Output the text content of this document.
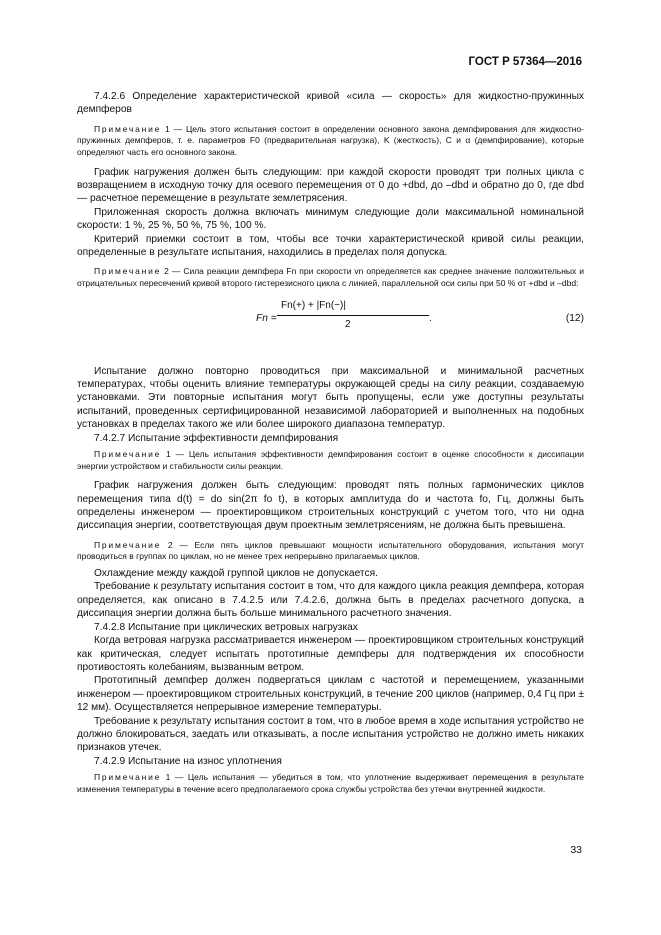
ГОСТ Р 57364—2016

7.4.2.6 Определение характеристической кривой «сила — скорость» для жидкостно-пружинных демпферов

Примечание 1 — Цель этого испытания состоит в определении основного закона демпфирования для жидкостно-пружинных демпферов, т. е. параметров F0 (предварительная нагрузка), K (жесткость), C и α (демпфирование), которые определяют часть его основного закона.

График нагружения должен быть следующим: при каждой скорости проводят три полных цикла с возвращением в исходную точку для осевого перемещения от 0 до +dbd, до –dbd и обратно до 0, где dbd — расчетное перемещение в результате землетрясения.

Приложенная скорость должна включать минимум следующие доли максимальной номинальной скорости: 1 %, 25 %, 50 %, 75 %, 100 %.

Критерий приемки состоит в том, чтобы все точки характеристической кривой силы реакции, определенные в результате испытания, находились в пределах поля допуска.

Примечание 2 — Сила реакции демпфера Fn при скорости vn определяется как среднее значение положительных и отрицательных пересечений кривой второго гистерезисного цикла с линией, параллельной оси силы при 50 % от +dbd и –dbd:

Fn =
Fn(+) + |Fn(−)|
2
.	(12)

Испытание должно повторно проводиться при максимальной и минимальной расчетных температурах, чтобы оценить влияние температуры окружающей среды на силу реакции, создаваемую установками. Эти повторные испытания могут быть пропущены, если уже доступны результаты испытаний, проведенных сертифицированной независимой лабораторией и выполненных на подобных установках в пределах такого же или более широкого диапазона температур.

7.4.2.7 Испытание эффективности демпфирования

Примечание 1 — Цель испытания эффективности демпфирования состоит в оценке способности к диссипации энергии устройством и стабильности силы реакции.

График нагружения должен быть следующим: проводят пять полных гармонических циклов перемещения типа d(t) = do sin(2π fo t), в которых амплитуда do и частота fo, Гц, должны быть определены инженером — проектировщиком строительных конструкций с учетом того, что ни одна диссипация энергии, соответствующая двум проектным землетрясениям, не должна быть превышена.

Примечание 2 — Если пять циклов превышают мощности испытательного оборудования, испытания могут проводиться в группах по циклам, но не менее трех непрерывно прилагаемых циклов.

Охлаждение между каждой группой циклов не допускается.

Требование к результату испытания состоит в том, что для каждого цикла реакция демпфера, которая определяется, как описано в 7.4.2.5 или 7.4.2.6, должна быть в пределах расчетного допуска, а диссипация энергии должна быть больше минимального расчетного значения.

7.4.2.8 Испытание при циклических ветровых нагрузках

Когда ветровая нагрузка рассматривается инженером — проектировщиком строительных конструкций как критическая, следует испытать прототипные демпферы для подтверждения их способности противостоять колебаниям, вызванным ветром.

Прототипный демпфер должен подвергаться циклам с частотой и перемещением, указанными инженером — проектировщиком строительных конструкций, в течение 200 циклов (например, 0,4 Гц при ± 12 мм). Осуществляется непрерывное измерение температуры.

Требование к результату испытания состоит в том, что в любое время в ходе испытания устройство не должно блокироваться, заедать или отказывать, а после испытания устройство не должно иметь никаких признаков утечек.

7.4.2.9 Испытание на износ уплотнения

Примечание 1 — Цель испытания — убедиться в том, что уплотнение выдерживает перемещения в результате изменения температуры в течение всего предполагаемого срока службы устройства без утечки внутренней жидкости.

33
